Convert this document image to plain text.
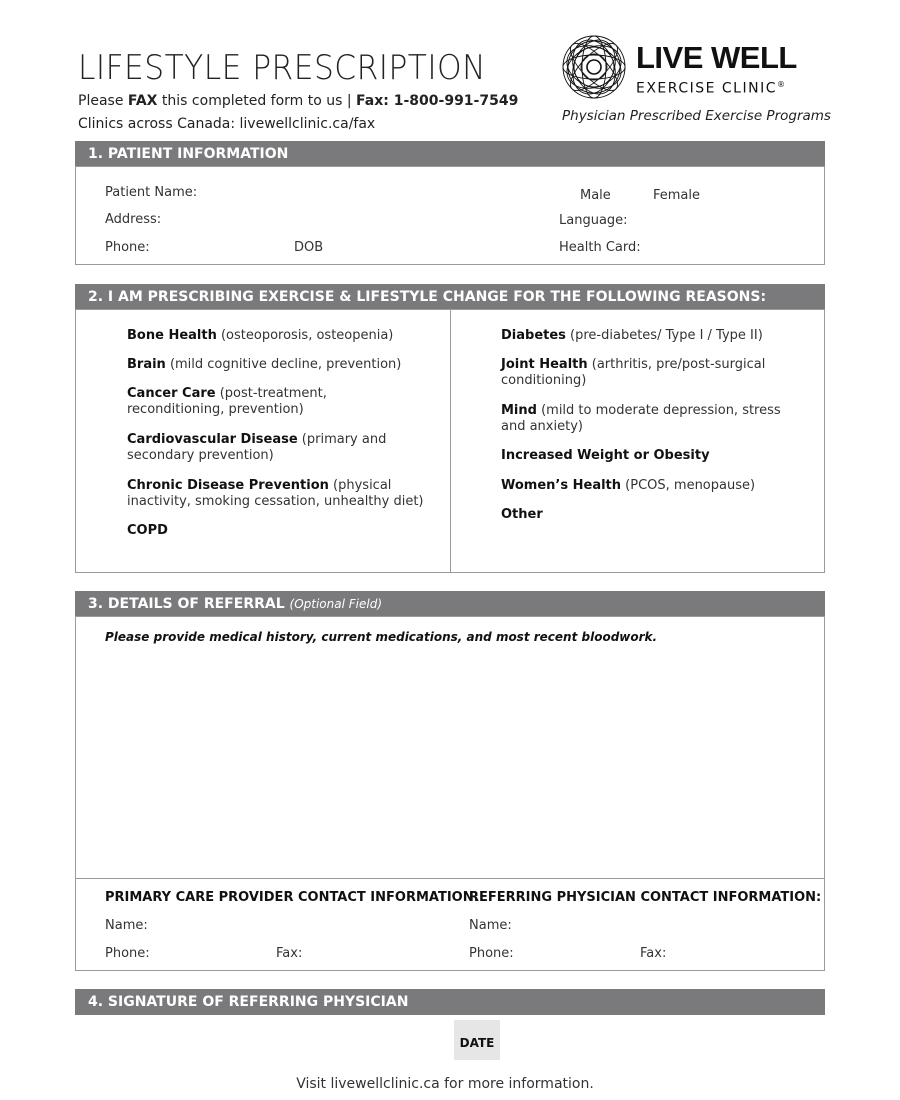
LIFESTYLE PRESCRIPTION
Please FAX this completed form to us | Fax: 1-800-991-7549
Clinics across Canada: livewellclinic.ca/fax
LIVE WELL
EXERCISE CLINIC®
Physician Prescribed Exercise Programs
1. PATIENT INFORMATION
Patient Name:
Address:
Phone:	DOB
Male	Female
Language:
Health Card:
2. I AM PRESCRIBING EXERCISE & LIFESTYLE CHANGE FOR THE FOLLOWING REASONS:
Bone Health (osteoporosis, osteopenia)
Brain (mild cognitive decline, prevention)
Cancer Care (post-treatment, reconditioning, prevention)
Cardiovascular Disease (primary and secondary prevention)
Chronic Disease Prevention (physical inactivity, smoking cessation, unhealthy diet)
COPD
Diabetes (pre-diabetes/ Type I / Type II)
Joint Health (arthritis, pre/post-surgical conditioning)
Mind (mild to moderate depression, stress and anxiety)
Increased Weight or Obesity
Women’s Health (PCOS, menopause)
Other
3. DETAILS OF REFERRAL (Optional Field)
Please provide medical history, current medications, and most recent bloodwork.
PRIMARY CARE PROVIDER CONTACT INFORMATION:
Name:
Phone:	Fax:
REFERRING PHYSICIAN CONTACT INFORMATION:
Name:
Phone:	Fax:
4. SIGNATURE OF REFERRING PHYSICIAN
DATE
Visit livewellclinic.ca for more information.
